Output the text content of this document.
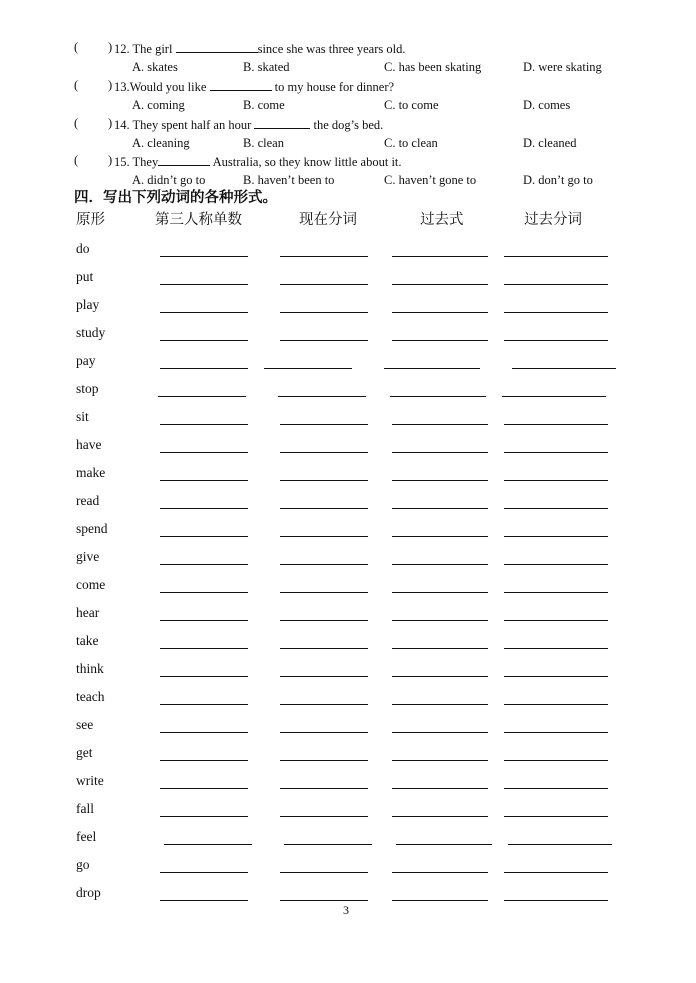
( ) 12. The girl	since she was three years old.
A. skates	B. skated	C. has been skating	D. were skating
( ) 13.Would you like	to my house for dinner?
A. coming	B. come	C. to come	D. comes
( ) 14. They spent half an hour	the dog’s bed.
A. cleaning	B. clean	C. to clean	D. cleaned
( ) 15. They	Australia, so they know little about it.
A. didn’t go to	B. haven’t been to	C. haven’t gone to	D. don’t go to
四．写出下列动词的各种形式。
原形	第三人称单数	现在分词	过去式	过去分词
do
put
play
study
pay
stop
sit
have
make
read
spend
give
come
hear
take
think
teach
see
get
write
fall
feel
go
drop
3
